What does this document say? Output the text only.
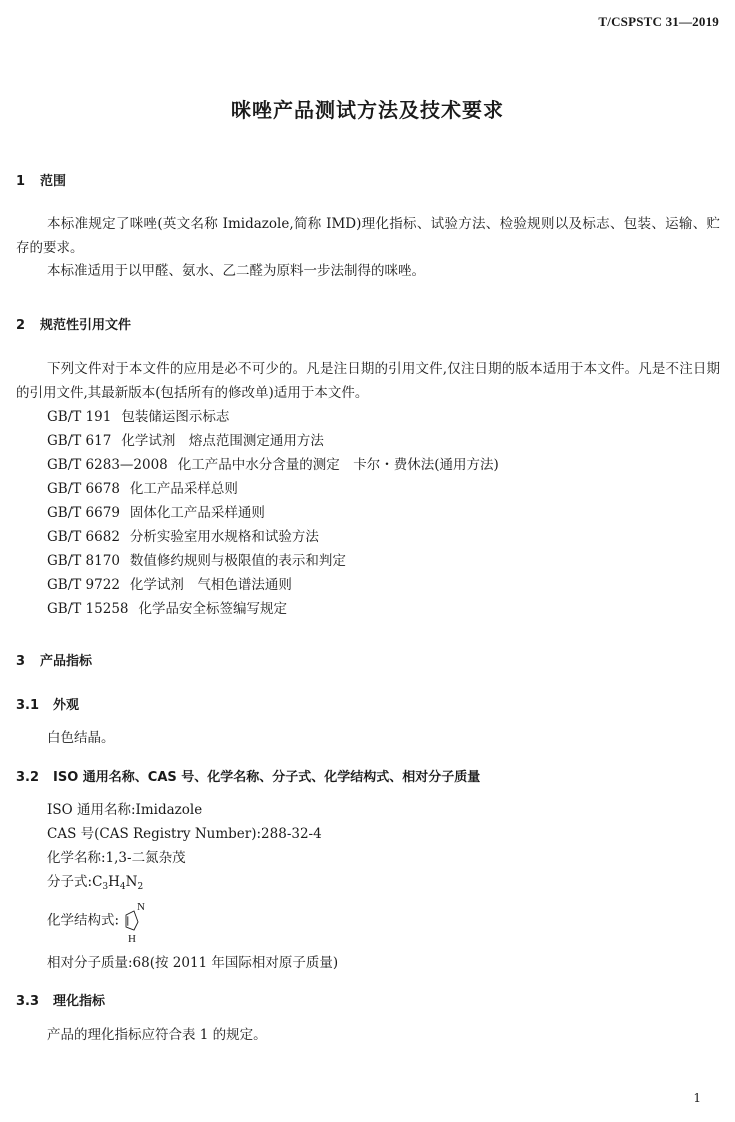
T/CSPSTC 31—2019
咪唑产品测试方法及技术要求
1 范围
本标准规定了咪唑(英文名称 Imidazole,简称 IMD)理化指标、试验方法、检验规则以及标志、包装、运输、贮存的要求。
本标准适用于以甲醛、氨水、乙二醛为原料一步法制得的咪唑。
2 规范性引用文件
下列文件对于本文件的应用是必不可少的。凡是注日期的引用文件,仅注日期的版本适用于本文件。凡是不注日期的引用文件,其最新版本(包括所有的修改单)适用于本文件。
GB/T 191 包装储运图示标志
GB/T 617 化学试剂　熔点范围测定通用方法
GB/T 6283—2008 化工产品中水分含量的测定　卡尔・费休法(通用方法)
GB/T 6678 化工产品采样总则
GB/T 6679 固体化工产品采样通则
GB/T 6682 分析实验室用水规格和试验方法
GB/T 8170 数值修约规则与极限值的表示和判定
GB/T 9722 化学试剂　气相色谱法通则
GB/T 15258 化学品安全标签编写规定
3 产品指标
3.1 外观
白色结晶。
3.2 ISO 通用名称、CAS 号、化学名称、分子式、化学结构式、相对分子质量
ISO 通用名称:Imidazole
CAS 号(CAS Registry Number):288-32-4
化学名称:1,3-二氮杂茂
分子式$:C_3H_4N_2$
化学结构式:
N
H
相对分子质量:68(按 2011 年国际相对原子质量)
3.3 理化指标
产品的理化指标应符合表 1 的规定。
1
